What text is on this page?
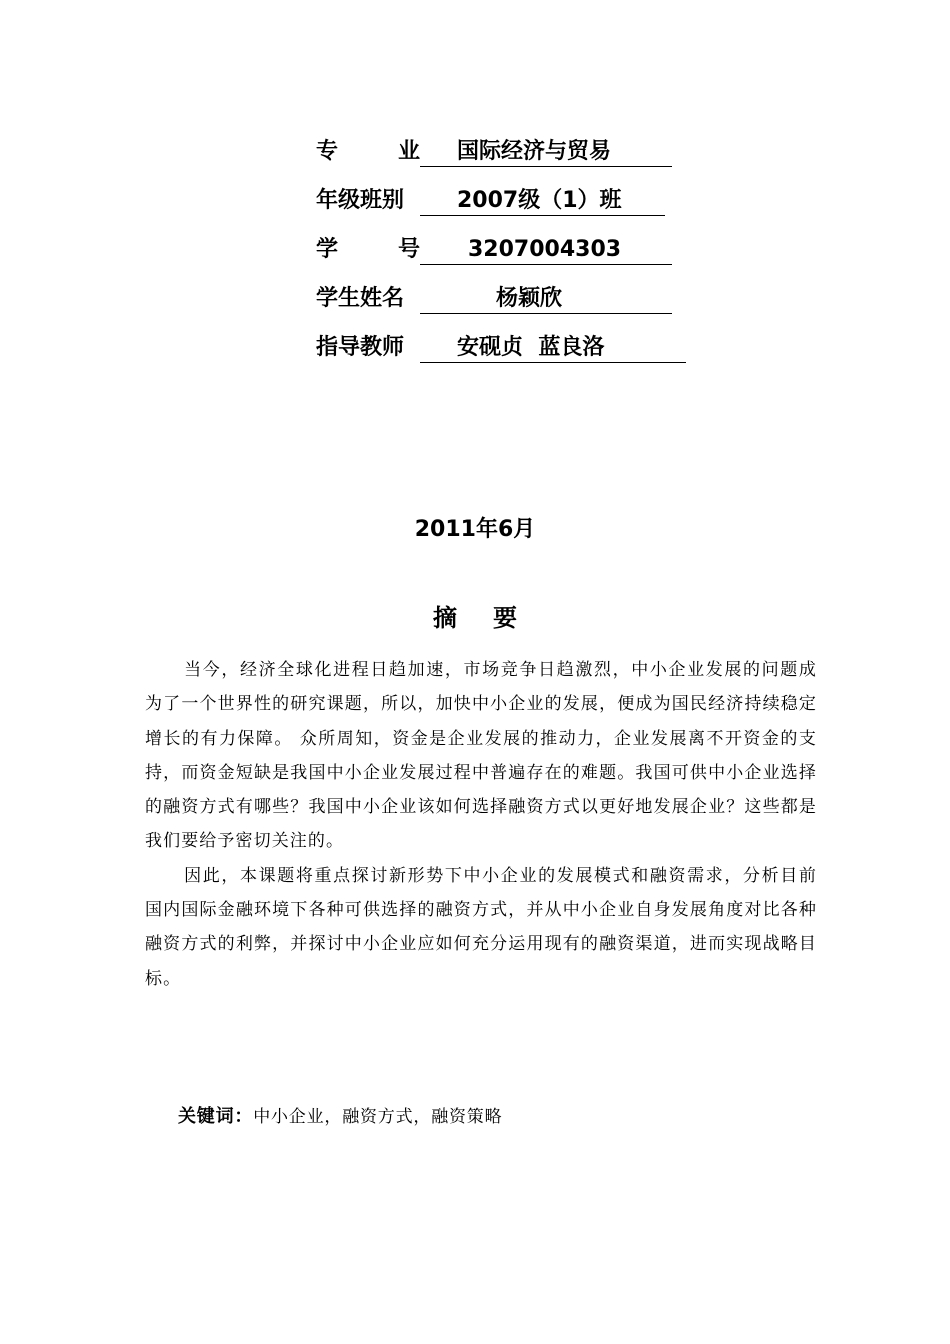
专	业 国际经济与贸易
年级班别	2007级（1）班
学	号 3207004303
学生姓名	杨颖欣
指导教师	安砚贞  蓝良洛
2011年6月
摘要

当今，经济全球化进程日趋加速，市场竞争日趋激烈，中小企业发展的问题成为了一个世界性的研究课题，所以，加快中小企业的发展，便成为国民经济持续稳定增长的有力保障。 众所周知，资金是企业发展的推动力，企业发展离不开资金的支持，而资金短缺是我国中小企业发展过程中普遍存在的难题。我国可供中小企业选择的融资方式有哪些？我国中小企业该如何选择融资方式以更好地发展企业？这些都是我们要给予密切关注的。

因此，本课题将重点探讨新形势下中小企业的发展模式和融资需求，分析目前国内国际金融环境下各种可供选择的融资方式，并从中小企业自身发展角度对比各种融资方式的利弊，并探讨中小企业应如何充分运用现有的融资渠道，进而实现战略目标。

关键词：中小企业，融资方式，融资策略
